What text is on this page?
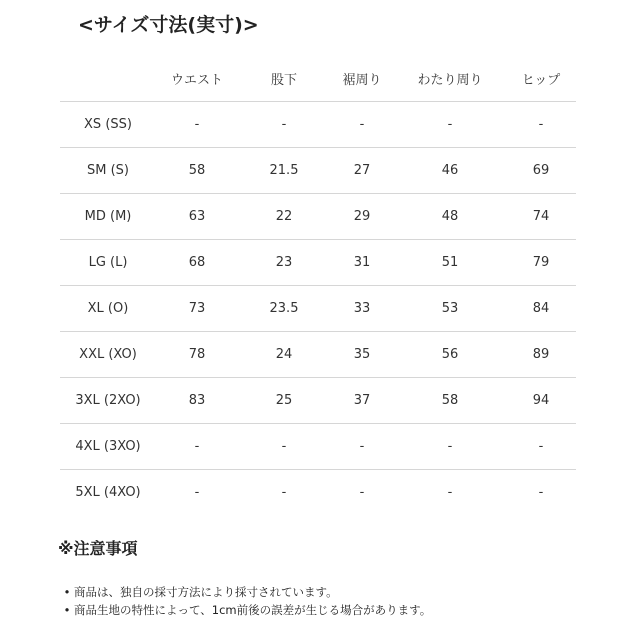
<サイズ寸法(実寸)>
	ウエスト	股下	裾周り	わたり周り	ヒップ
XS (SS)	-	-	-	-	-
SM (S)	58	21.5	27	46	69
MD (M)	63	22	29	48	74
LG (L)	68	23	31	51	79
XL (O)	73	23.5	33	53	84
XXL (XO)	78	24	35	56	89
3XL (2XO)	83	25	37	58	94
4XL (3XO)	-	-	-	-	-
5XL (4XO)	-	-	-	-	-
※注意事項
• 商品は、独自の採寸方法により採寸されています。
• 商品生地の特性によって、1cm前後の誤差が生じる場合があります。
